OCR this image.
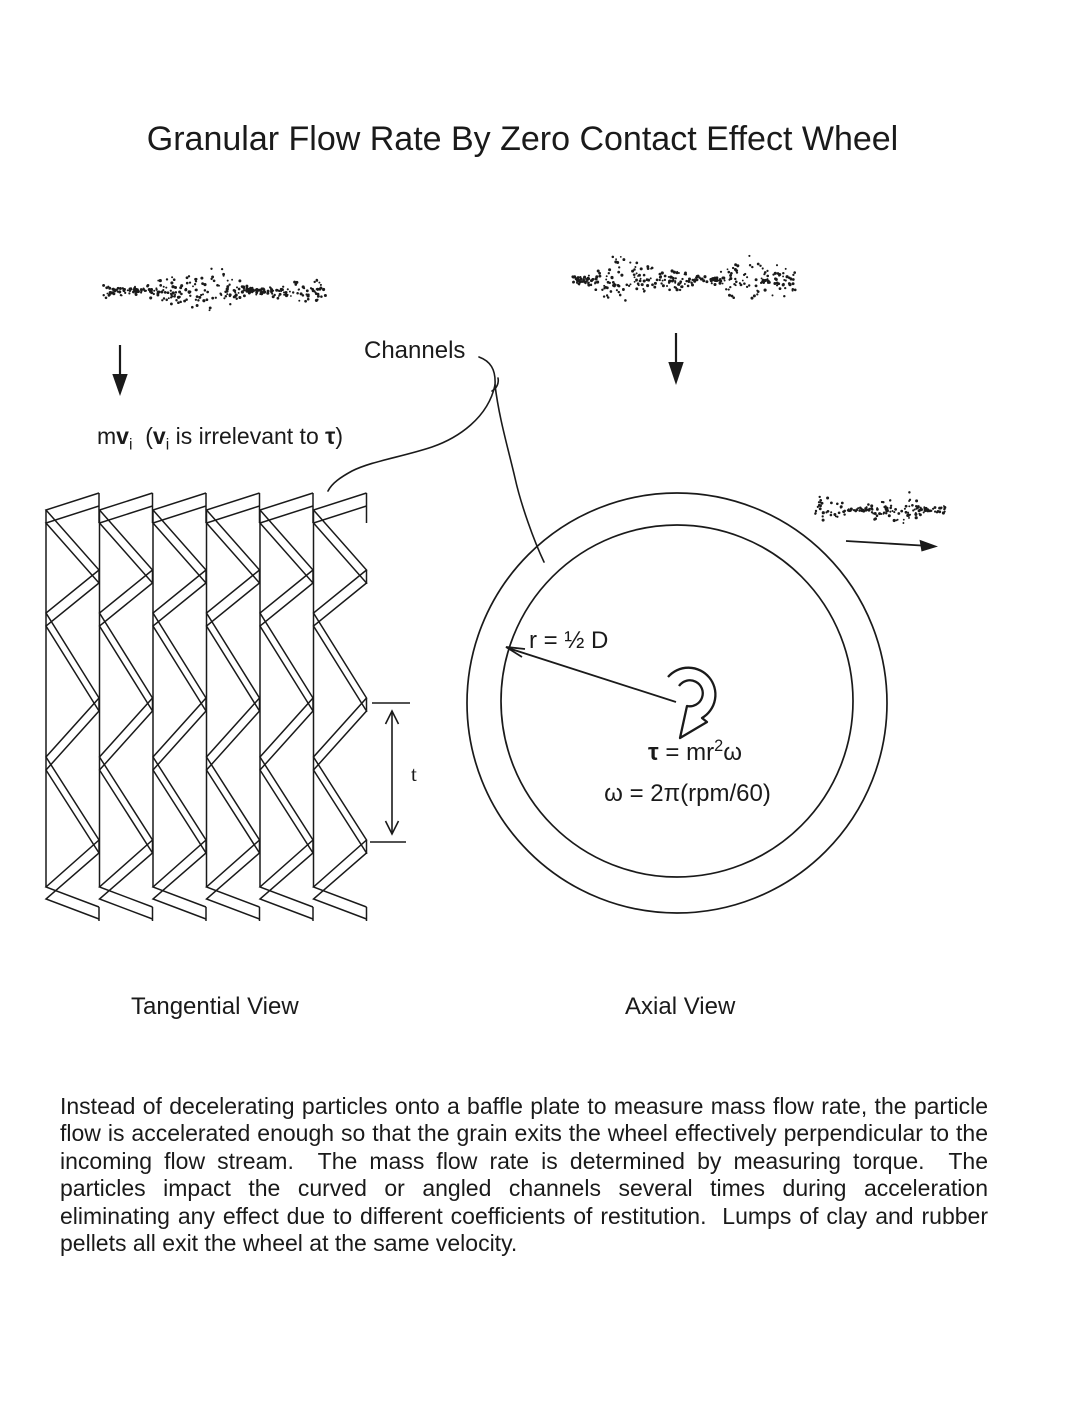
Granular Flow Rate By Zero Contact Effect Wheel
Channels
$mv_i$  ($v_i$ is irrelevant to τ)
r = ½ D
$\tau = mr^2\omega$
ω = 2π(rpm/60)
t
Tangential View	Axial View

Instead of decelerating particles onto a baffle plate to measure mass flow rate, the particle flow is accelerated enough so that the grain exits the wheel effectively perpendicular to the incoming flow stream.  The mass flow rate is determined by measuring torque.  The particles impact the curved or angled channels several times during acceleration eliminating any effect due to different coefficients of restitution.  Lumps of clay and rubber pellets all exit the wheel at the same velocity.
